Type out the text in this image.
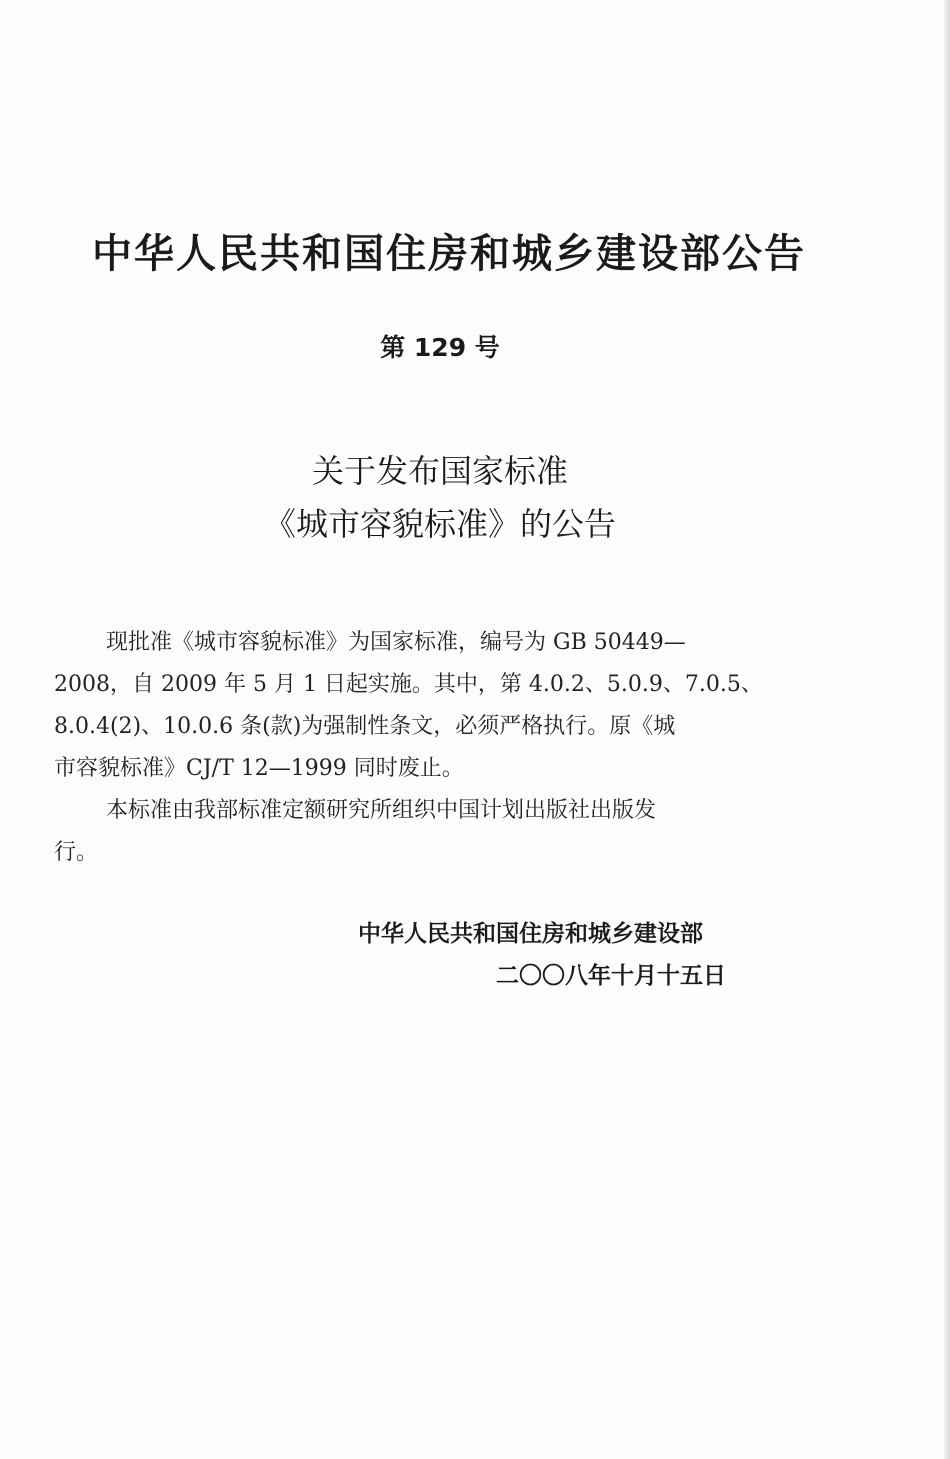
中华人民共和国住房和城乡建设部公告
第 129 号
关于发布国家标准
《城市容貌标准》的公告
现批准《城市容貌标准》为国家标准，编号为 GB 50449—
2008，自 2009 年 5 月 1 日起实施。其中，第 4.0.2、5.0.9、7.0.5、
8.0.4(2)、10.0.6 条(款)为强制性条文，必须严格执行。原《城
市容貌标准》CJ/T 12—1999 同时废止。
本标准由我部标准定额研究所组织中国计划出版社出版发
行。
中华人民共和国住房和城乡建设部
二〇〇八年十月十五日
